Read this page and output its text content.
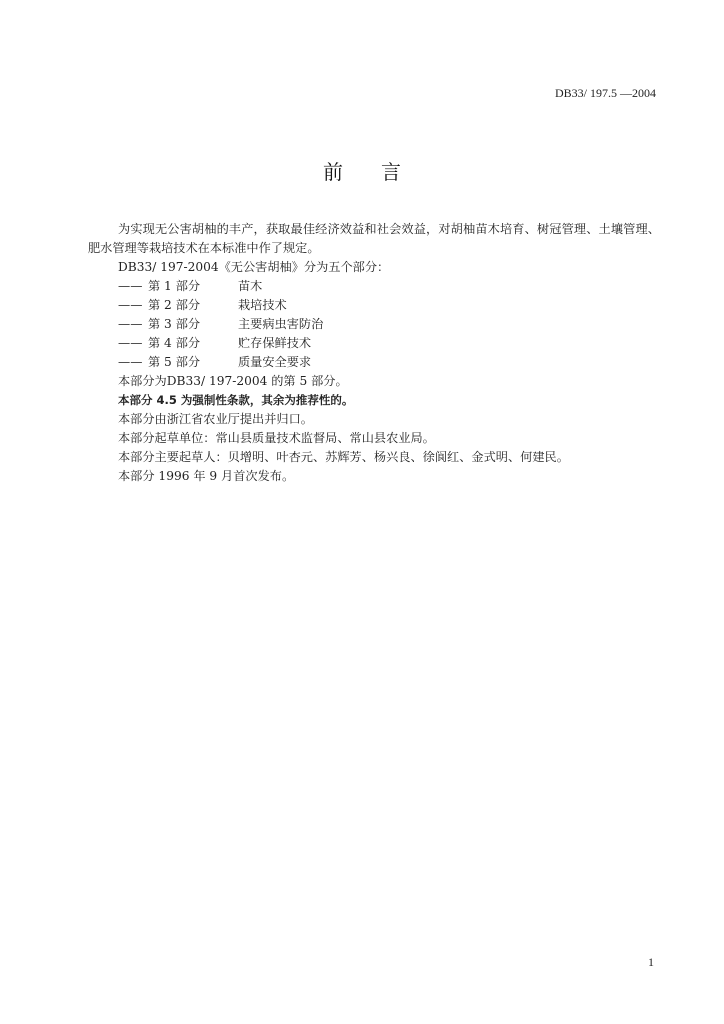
DB33/ 197.5 —2004
前 言

为实现无公害胡柚的丰产，获取最佳经济效益和社会效益，对胡柚苗木培育、树冠管理、土壤管理、肥水管理等栽培技术在本标准中作了规定。

DB33/ 197-2004《无公害胡柚》分为五个部分：

—— 第 1 部分	苗木

—— 第 2 部分	栽培技术

—— 第 3 部分	主要病虫害防治

—— 第 4 部分	贮存保鲜技术

—— 第 5 部分	质量安全要求

本部分为DB33/ 197-2004 的第 5 部分。

本部分 4.5 为强制性条款，其余为推荐性的。

本部分由浙江省农业厅提出并归口。

本部分起草单位：常山县质量技术监督局、常山县农业局。

本部分主要起草人：贝增明、叶杏元、苏辉芳、杨兴良、徐阆红、金式明、何建民。

本部分 1996 年 9 月首次发布。

1
